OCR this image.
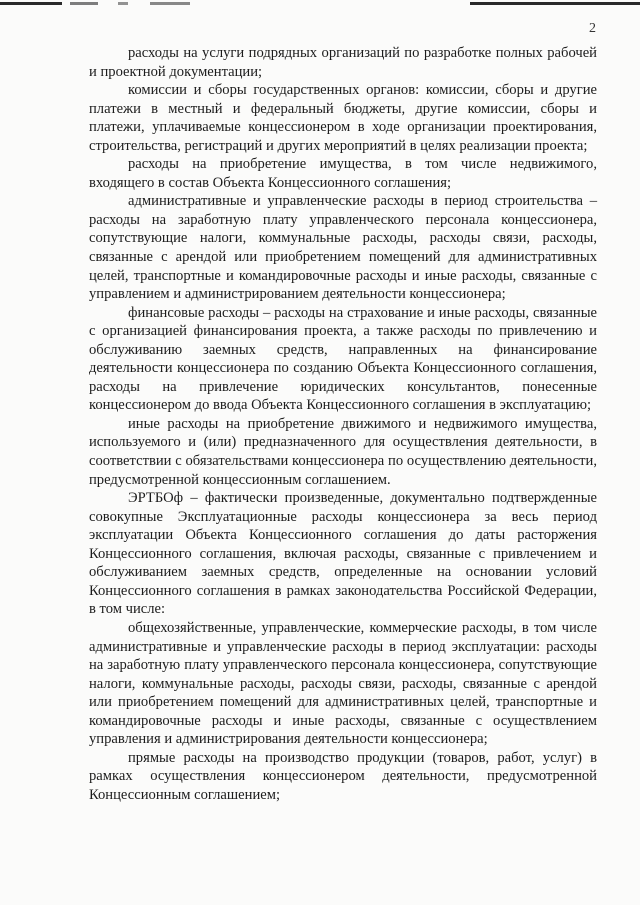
2

расходы на услуги подрядных организаций по разработке полных рабочей и проектной документации;

комиссии и сборы государственных органов: комиссии, сборы и другие платежи в местный и федеральный бюджеты, другие комиссии, сборы и платежи, уплачиваемые концессионером в ходе организации проектирования, строительства, регистраций и других мероприятий в целях реализации проекта;

расходы на приобретение имущества, в том числе недвижимого, входящего в состав Объекта Концессионного соглашения;

административные и управленческие расходы в период строительства – расходы на заработную плату управленческого персонала концессионера, сопутствующие налоги, коммунальные расходы, расходы связи, расходы, связанные с арендой или приобретением помещений для административных целей, транспортные и командировочные расходы и иные расходы, связанные с управлением и администрированием деятельности концессионера;

финансовые расходы – расходы на страхование и иные расходы, связанные с организацией финансирования проекта, а также расходы по привлечению и обслуживанию заемных средств, направленных на финансирование деятельности концессионера по созданию Объекта Концессионного соглашения, расходы на привлечение юридических консультантов, понесенные концессионером до ввода Объекта Концессионного соглашения в эксплуатацию;

иные расходы на приобретение движимого и недвижимого имущества, используемого и (или) предназначенного для осуществления деятельности, в соответствии с обязательствами концессионера по осуществлению деятельности, предусмотренной концессионным соглашением.

ЭРТБОф – фактически произведенные, документально подтвержденные совокупные Эксплуатационные расходы концессионера за весь период эксплуатации Объекта Концессионного соглашения до даты расторжения Концессионного соглашения, включая расходы, связанные с привлечением и обслуживанием заемных средств, определенные на основании условий Концессионного соглашения в рамках законодательства Российской Федерации, в том числе:

общехозяйственные, управленческие, коммерческие расходы, в том числе административные и управленческие расходы в период эксплуатации: расходы на заработную плату управленческого персонала концессионера, сопутствующие налоги, коммунальные расходы, расходы связи, расходы, связанные с арендой или приобретением помещений для административных целей, транспортные и командировочные расходы и иные расходы, связанные с осуществлением управления и администрирования деятельности концессионера;

прямые расходы на производство продукции (товаров, работ, услуг) в рамках осуществления концессионером деятельности, предусмотренной Концессионным соглашением;
